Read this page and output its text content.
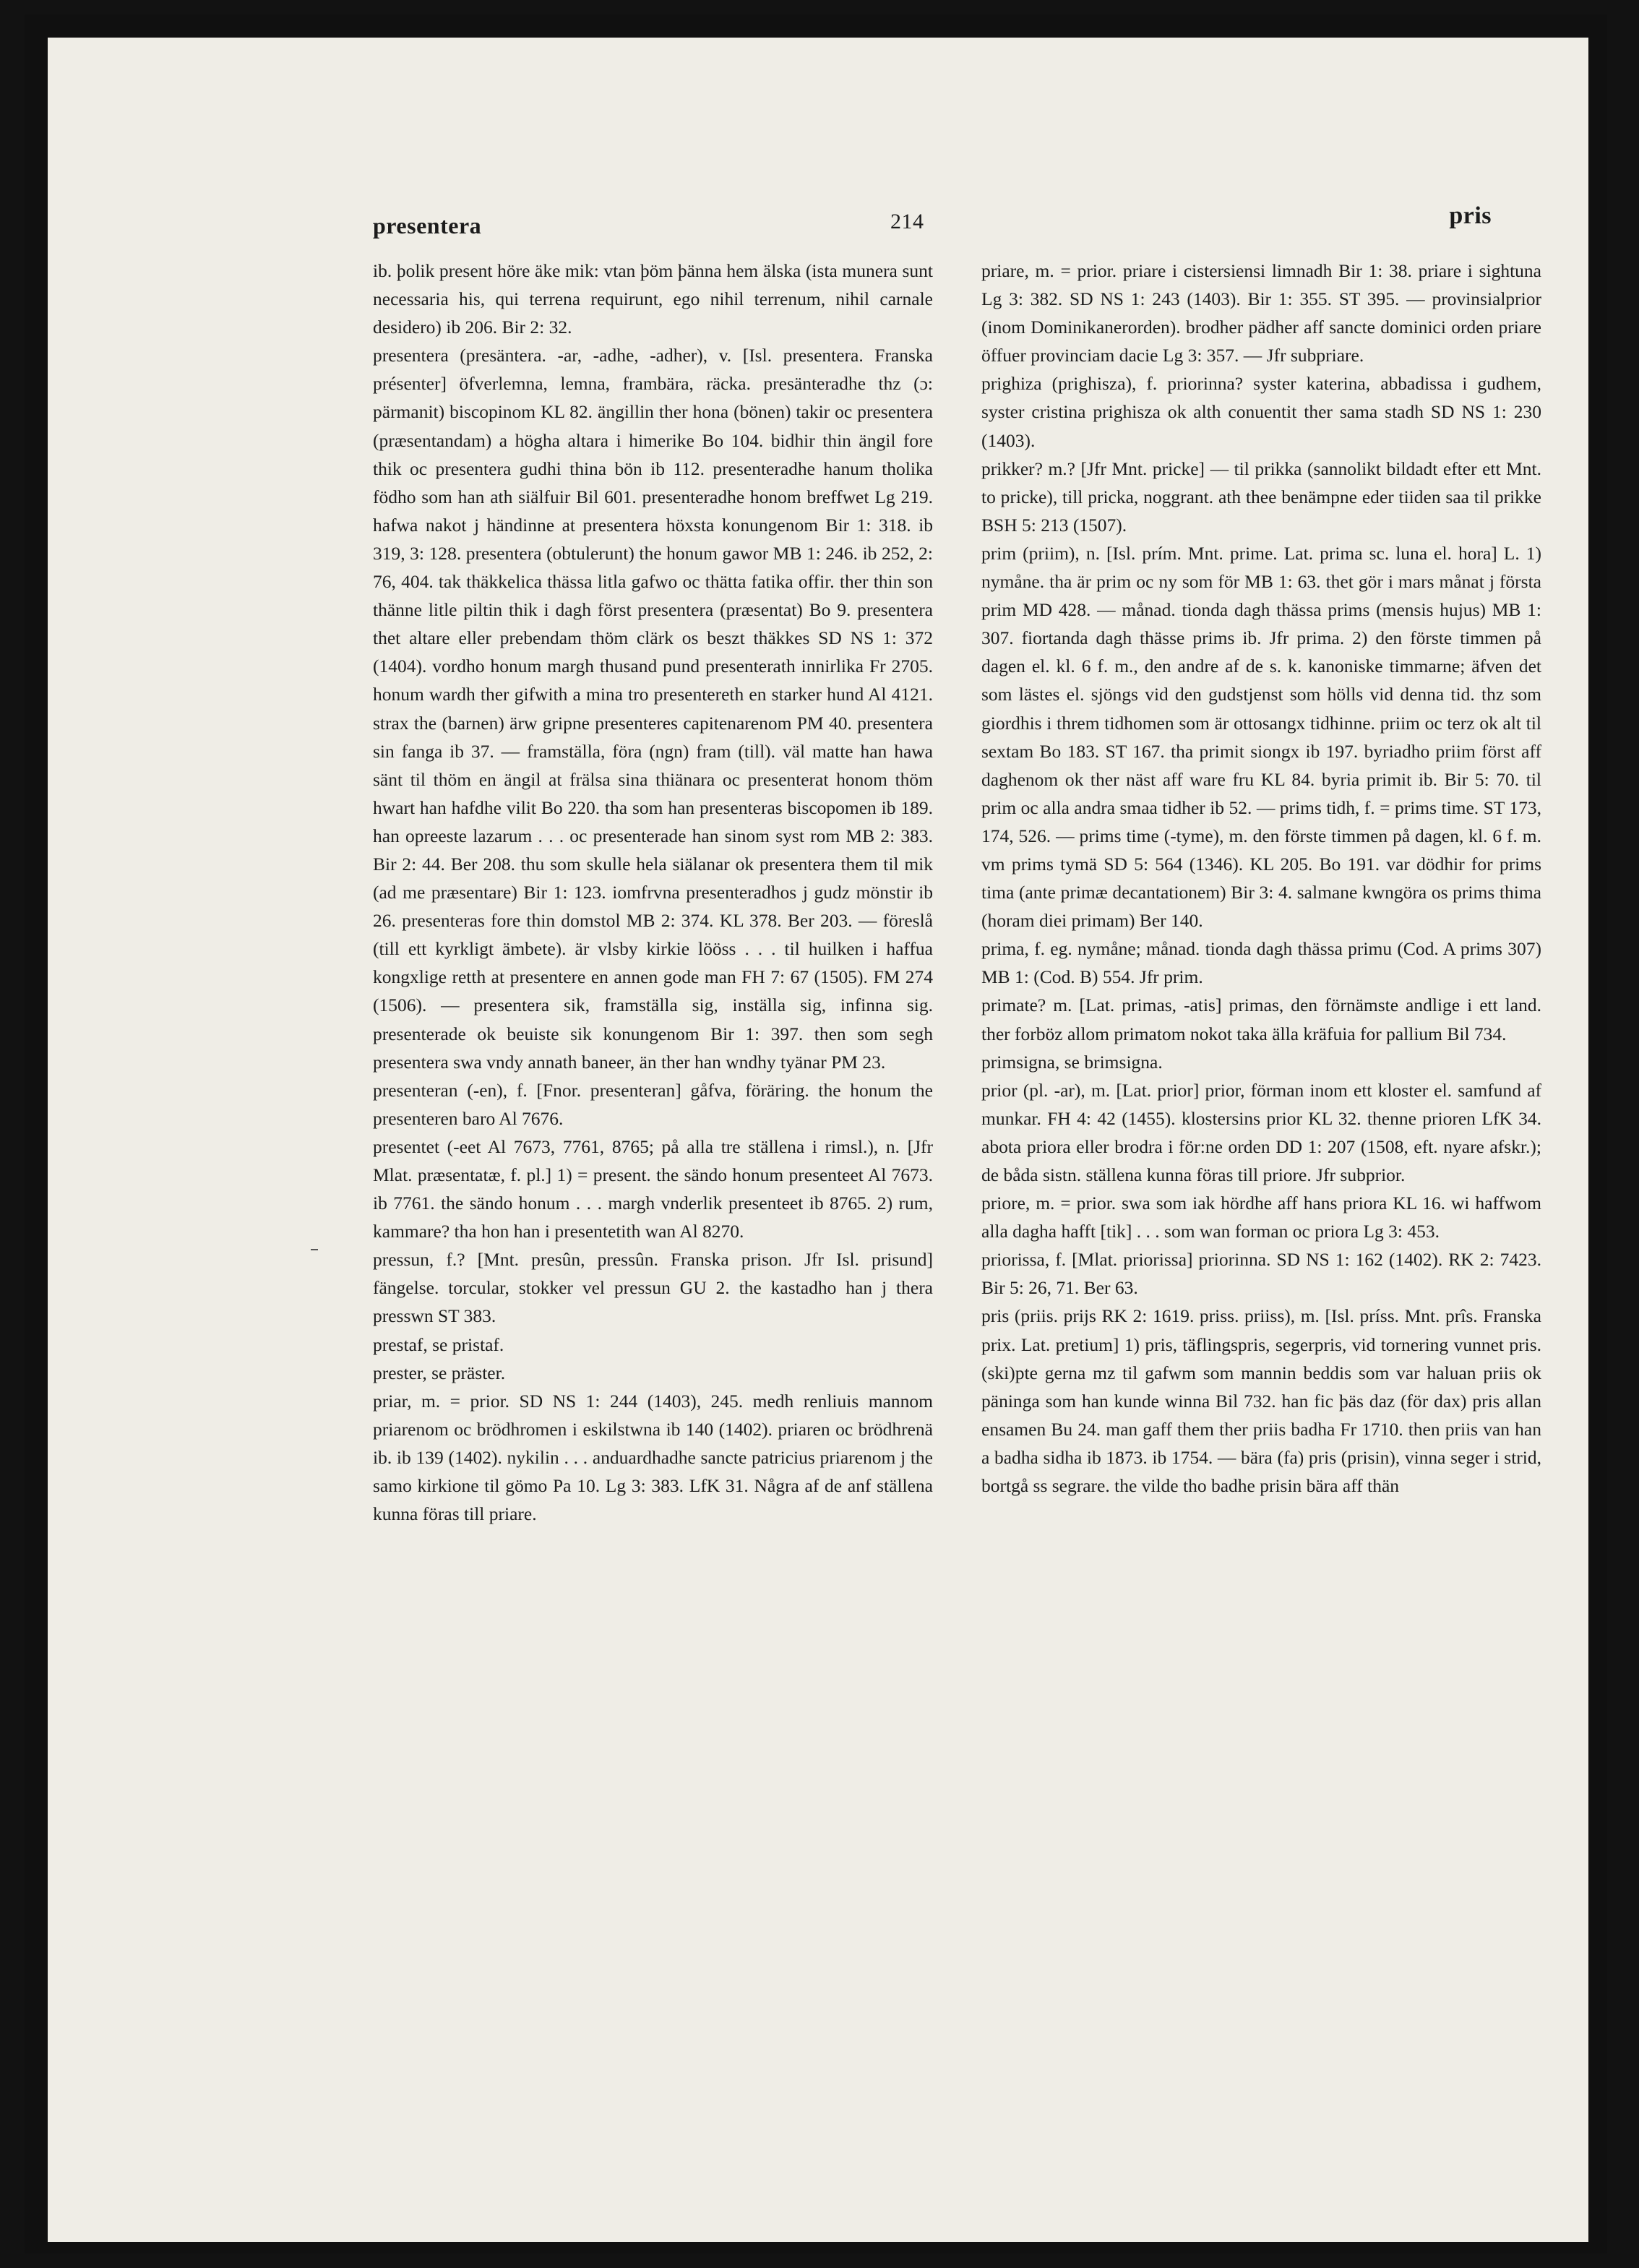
presentera	214	pris

ib. þolik present höre äke mik: vtan þöm þänna hem älska (ista munera sunt necessaria his, qui terrena requirunt, ego nihil terrenum, nihil carnale desidero) ib 206. Bir 2: 32.

presentera (presäntera. -ar, -adhe, -adher), v. [Isl. presentera. Franska présenter] öfverlemna, lemna, frambära, räcka. presänteradhe thz (ɔ: pärmanit) biscopinom KL 82. ängillin ther hona (bönen) takir oc presentera (præsentandam) a högha altara i himerike Bo 104. bidhir thin ängil fore thik oc presentera gudhi thina bön ib 112. presenteradhe hanum tholika födho som han ath siälfuir Bil 601. presenteradhe honom breffwet Lg 219. hafwa nakot j händinne at presentera höxsta konungenom Bir 1: 318. ib 319, 3: 128. presentera (obtulerunt) the honum gawor MB 1: 246. ib 252, 2: 76, 404. tak thäkkelica thässa litla gafwo oc thätta fatika offir. ther thin son thänne litle piltin thik i dagh först presentera (præsentat) Bo 9. presentera thet altare eller prebendam thöm clärk os beszt thäkkes SD NS 1: 372 (1404). vordho honum margh thusand pund presenterath innirlika Fr 2705. honum wardh ther gifwith a mina tro presentereth en starker hund Al 4121. strax the (barnen) ärw gripne presenteres capitenarenom PM 40. presentera sin fanga ib 37. — framställa, föra (ngn) fram (till). väl matte han hawa sänt til thöm en ängil at frälsa sina thiänara oc presenterat honom thöm hwart han hafdhe vilit Bo 220. tha som han presenteras biscopomen ib 189. han opreeste lazarum . . . oc presenterade han sinom syst rom MB 2: 383. Bir 2: 44. Ber 208. thu som skulle hela siälanar ok presentera them til mik (ad me præsentare) Bir 1: 123. iomfrvna presenteradhos j gudz mönstir ib 26. presenteras fore thin domstol MB 2: 374. KL 378. Ber 203. — föreslå (till ett kyrkligt ämbete). är vlsby kirkie lööss . . . til huilken i haffua kongxlige retth at presentere en annen gode man FH 7: 67 (1505). FM 274 (1506). — presentera sik, framställa sig, inställa sig, infinna sig. presenterade ok beuiste sik konungenom Bir 1: 397. then som segh presentera swa vndy annath baneer, än ther han wndhy tyänar PM 23.

presenteran (-en), f. [Fnor. presenteran] gåfva, föräring. the honum the presenteren baro Al 7676.

presentet (-eet Al 7673, 7761, 8765; på alla tre ställena i rimsl.), n. [Jfr Mlat. præsentatæ, f. pl.] 1) = present. the sändo honum presenteet Al 7673. ib 7761. the sändo honum . . . margh vnderlik presenteet ib 8765. 2) rum, kammare? tha hon han i presentetith wan Al 8270.

pressun, f.? [Mnt. presûn, pressûn. Franska prison. Jfr Isl. prisund] fängelse. torcular, stokker vel pressun GU 2. the kastadho han j thera presswn ST 383.

prestaf, se pristaf.

prester, se präster.

priar, m. = prior. SD NS 1: 244 (1403), 245. medh renliuis mannom priarenom oc brödhromen i eskilstwna ib 140 (1402). priaren oc brödhrenä ib. ib 139 (1402). nykilin . . . anduardhadhe sancte patricius priarenom j the samo kirkione til gömo Pa 10. Lg 3: 383. LfK 31. Några af de anf ställena kunna föras till priare.

priare, m. = prior. priare i cistersiensi limnadh Bir 1: 38. priare i sightuna Lg 3: 382. SD NS 1: 243 (1403). Bir 1: 355. ST 395. — provinsialprior (inom Dominikanerorden). brodher pädher aff sancte dominici orden priare öffuer provinciam dacie Lg 3: 357. — Jfr subpriare.

prighiza (prighisza), f. priorinna? syster katerina, abbadissa i gudhem, syster cristina prighisza ok alth conuentit ther sama stadh SD NS 1: 230 (1403).

prikker? m.? [Jfr Mnt. pricke] — til prikka (sannolikt bildadt efter ett Mnt. to pricke), till pricka, noggrant. ath thee benämpne eder tiiden saa til prikke BSH 5: 213 (1507).

prim (priim), n. [Isl. prím. Mnt. prime. Lat. prima sc. luna el. hora] L. 1) nymåne. tha är prim oc ny som för MB 1: 63. thet gör i mars månat j första prim MD 428. — månad. tionda dagh thässa prims (mensis hujus) MB 1: 307. fiortanda dagh thässe prims ib. Jfr prima. 2) den förste timmen på dagen el. kl. 6 f. m., den andre af de s. k. kanoniske timmarne; äfven det som lästes el. sjöngs vid den gudstjenst som hölls vid denna tid. thz som giordhis i threm tidhomen som är ottosangx tidhinne. priim oc terz ok alt til sextam Bo 183. ST 167. tha primit siongx ib 197. byriadho priim först aff daghenom ok ther näst aff ware fru KL 84. byria primit ib. Bir 5: 70. til prim oc alla andra smaa tidher ib 52. — prims tidh, f. = prims time. ST 173, 174, 526. — prims time (-tyme), m. den förste timmen på dagen, kl. 6 f. m. vm prims tymä SD 5: 564 (1346). KL 205. Bo 191. var dödhir for prims tima (ante primæ decantationem) Bir 3: 4. salmane kwngöra os prims thima (horam diei primam) Ber 140.

prima, f. eg. nymåne; månad. tionda dagh thässa primu (Cod. A prims 307) MB 1: (Cod. B) 554. Jfr prim.

primate? m. [Lat. primas, -atis] primas, den förnämste andlige i ett land. ther forböz allom primatom nokot taka älla kräfuia for pallium Bil 734.

primsigna, se brimsigna.

prior (pl. -ar), m. [Lat. prior] prior, förman inom ett kloster el. samfund af munkar. FH 4: 42 (1455). klostersins prior KL 32. thenne prioren LfK 34. abota priora eller brodra i för:ne orden DD 1: 207 (1508, eft. nyare afskr.); de båda sistn. ställena kunna föras till priore. Jfr subprior.

priore, m. = prior. swa som iak hördhe aff hans priora KL 16. wi haffwom alla dagha hafft [tik] . . . som wan forman oc priora Lg 3: 453.

priorissa, f. [Mlat. priorissa] priorinna. SD NS 1: 162 (1402). RK 2: 7423. Bir 5: 26, 71. Ber 63.

pris (priis. prijs RK 2: 1619. priss. priiss), m. [Isl. príss. Mnt. prîs. Franska prix. Lat. pretium] 1) pris, täflingspris, segerpris, vid tornering vunnet pris. (ski)pte gerna mz til gafwm som mannin beddis som var haluan priis ok päninga som han kunde winna Bil 732. han fic þäs daz (för dax) pris allan ensamen Bu 24. man gaff them ther priis badha Fr 1710. then priis van han a badha sidha ib 1873. ib 1754. — bära (fa) pris (prisin), vinna seger i strid, bortgå ss segrare. the vilde tho badhe prisin bära aff thän
